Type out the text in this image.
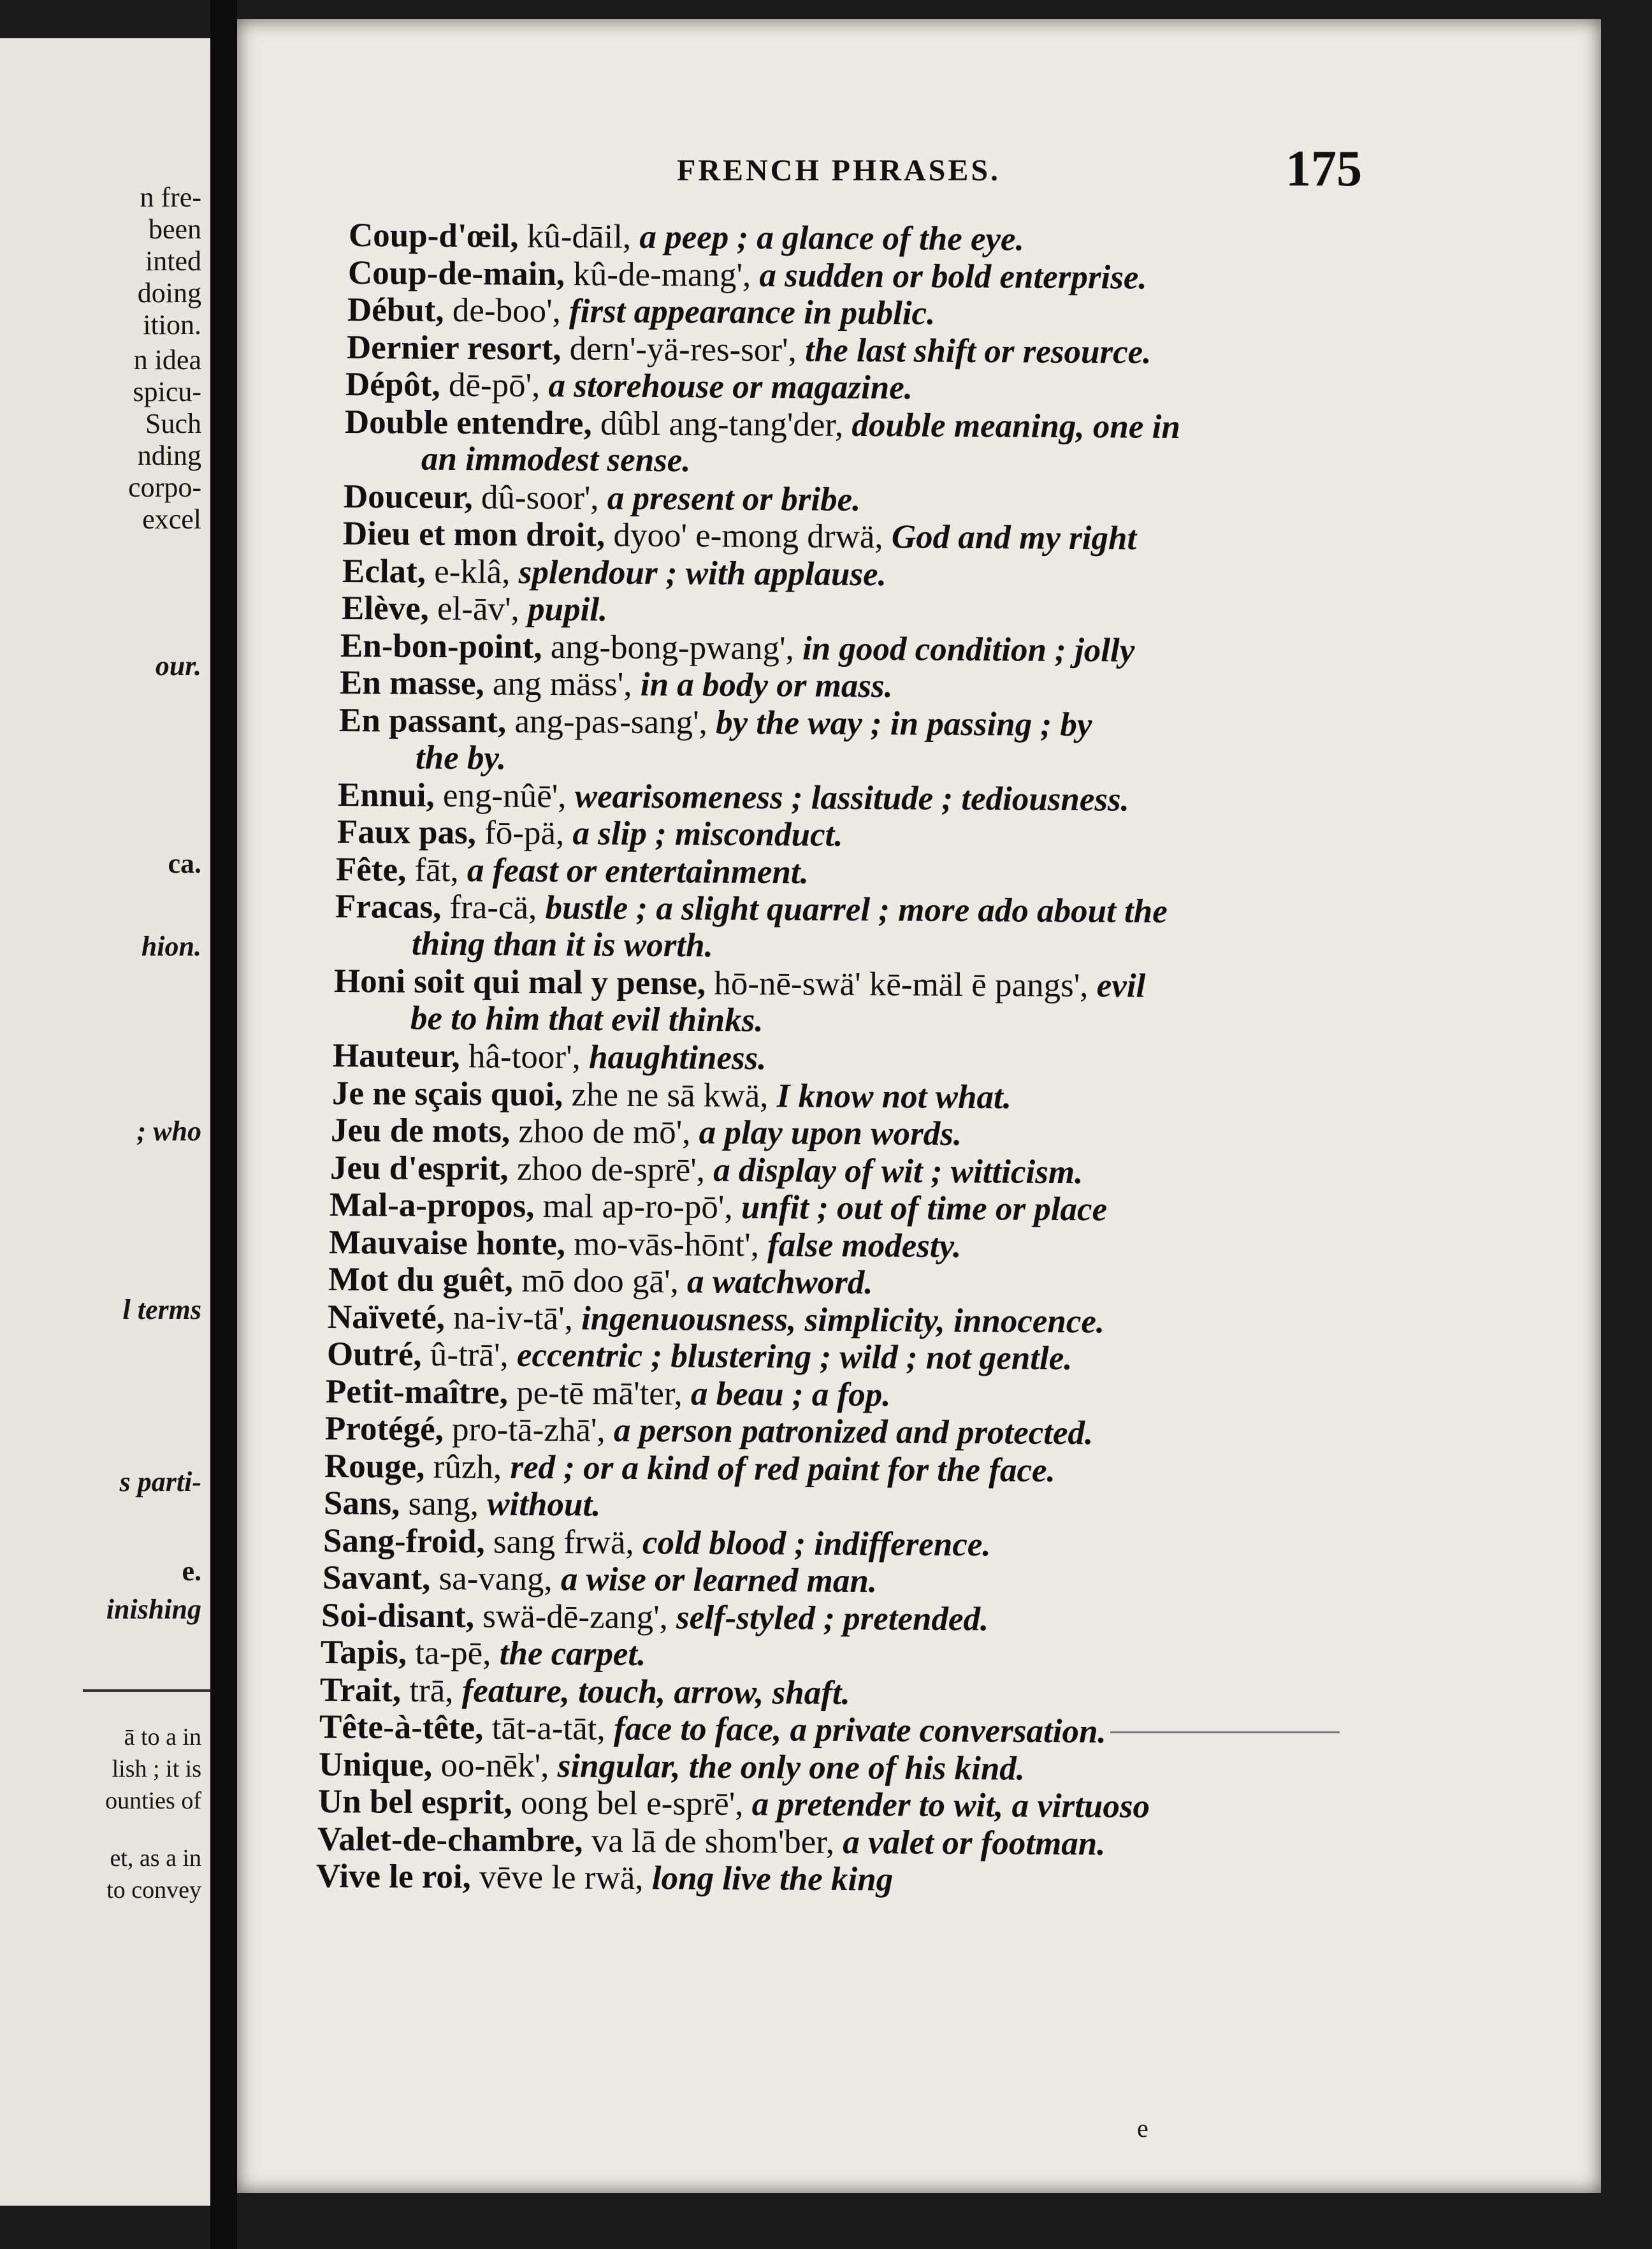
n fre-
been
inted
doing
ition.
n idea
spicu-
Such
nding
corpo-
excel
our.
ca.
hion.
; who
l terms
s parti-
e.
inishing
ā to a in
lish ; it is
ounties of
et, as a in
to convey
FRENCH PHRASES.	175
Coup-d'œil, kû-dāil, a peep ; a glance of the eye.
Coup-de-main, kû-de-mang', a sudden or bold enterprise.
Début, de-boo', first appearance in public.
Dernier resort, dern'-yä-res-sor', the last shift or resource.
Dépôt, dē-pō', a storehouse or magazine.
Double entendre, dûbl ang-tang'der, double meaning, one in
an immodest sense.
Douceur, dû-soor', a present or bribe.
Dieu et mon droit, dyoo' e-mong drwä, God and my right
Eclat, e-klâ, splendour ; with applause.
Elève, el-āv', pupil.
En-bon-point, ang-bong-pwang', in good condition ; jolly
En masse, ang mäss', in a body or mass.
En passant, ang-pas-sang', by the way ; in passing ; by
the by.
Ennui, eng-nûē', wearisomeness ; lassitude ; tediousness.
Faux pas, fō-pä, a slip ; misconduct.
Fête, fāt, a feast or entertainment.
Fracas, fra-cä, bustle ; a slight quarrel ; more ado about the
thing than it is worth.
Honi soit qui mal y pense, hō-nē-swä' kē-mäl ē pangs', evil
be to him that evil thinks.
Hauteur, hâ-toor', haughtiness.
Je ne sçais quoi, zhe ne sā kwä, I know not what.
Jeu de mots, zhoo de mō', a play upon words.
Jeu d'esprit, zhoo de-sprē', a display of wit ; witticism.
Mal-a-propos, mal ap-ro-pō', unfit ; out of time or place
Mauvaise honte, mo-vās-hōnt', false modesty.
Mot du guêt, mō doo gā', a watchword.
Naïveté, na-iv-tā', ingenuousness, simplicity, innocence.
Outré, û-trā', eccentric ; blustering ; wild ; not gentle.
Petit-maître, pe-tē mā'ter, a beau ; a fop.
Protégé, pro-tā-zhā', a person patronized and protected.
Rouge, rûzh, red ; or a kind of red paint for the face.
Sans, sang, without.
Sang-froid, sang frwä, cold blood ; indifference.
Savant, sa-vang, a wise or learned man.
Soi-disant, swä-dē-zang', self-styled ; pretended.
Tapis, ta-pē, the carpet.
Trait, trā, feature, touch, arrow, shaft.
Tête-à-tête, tāt-a-tāt, face to face, a private conversation.
Unique, oo-nēk', singular, the only one of his kind.
Un bel esprit, oong bel e-sprē', a pretender to wit, a virtuoso
Valet-de-chambre, va lā de shom'ber, a valet or footman.
Vive le roi, vēve le rwä, long live the king
e
